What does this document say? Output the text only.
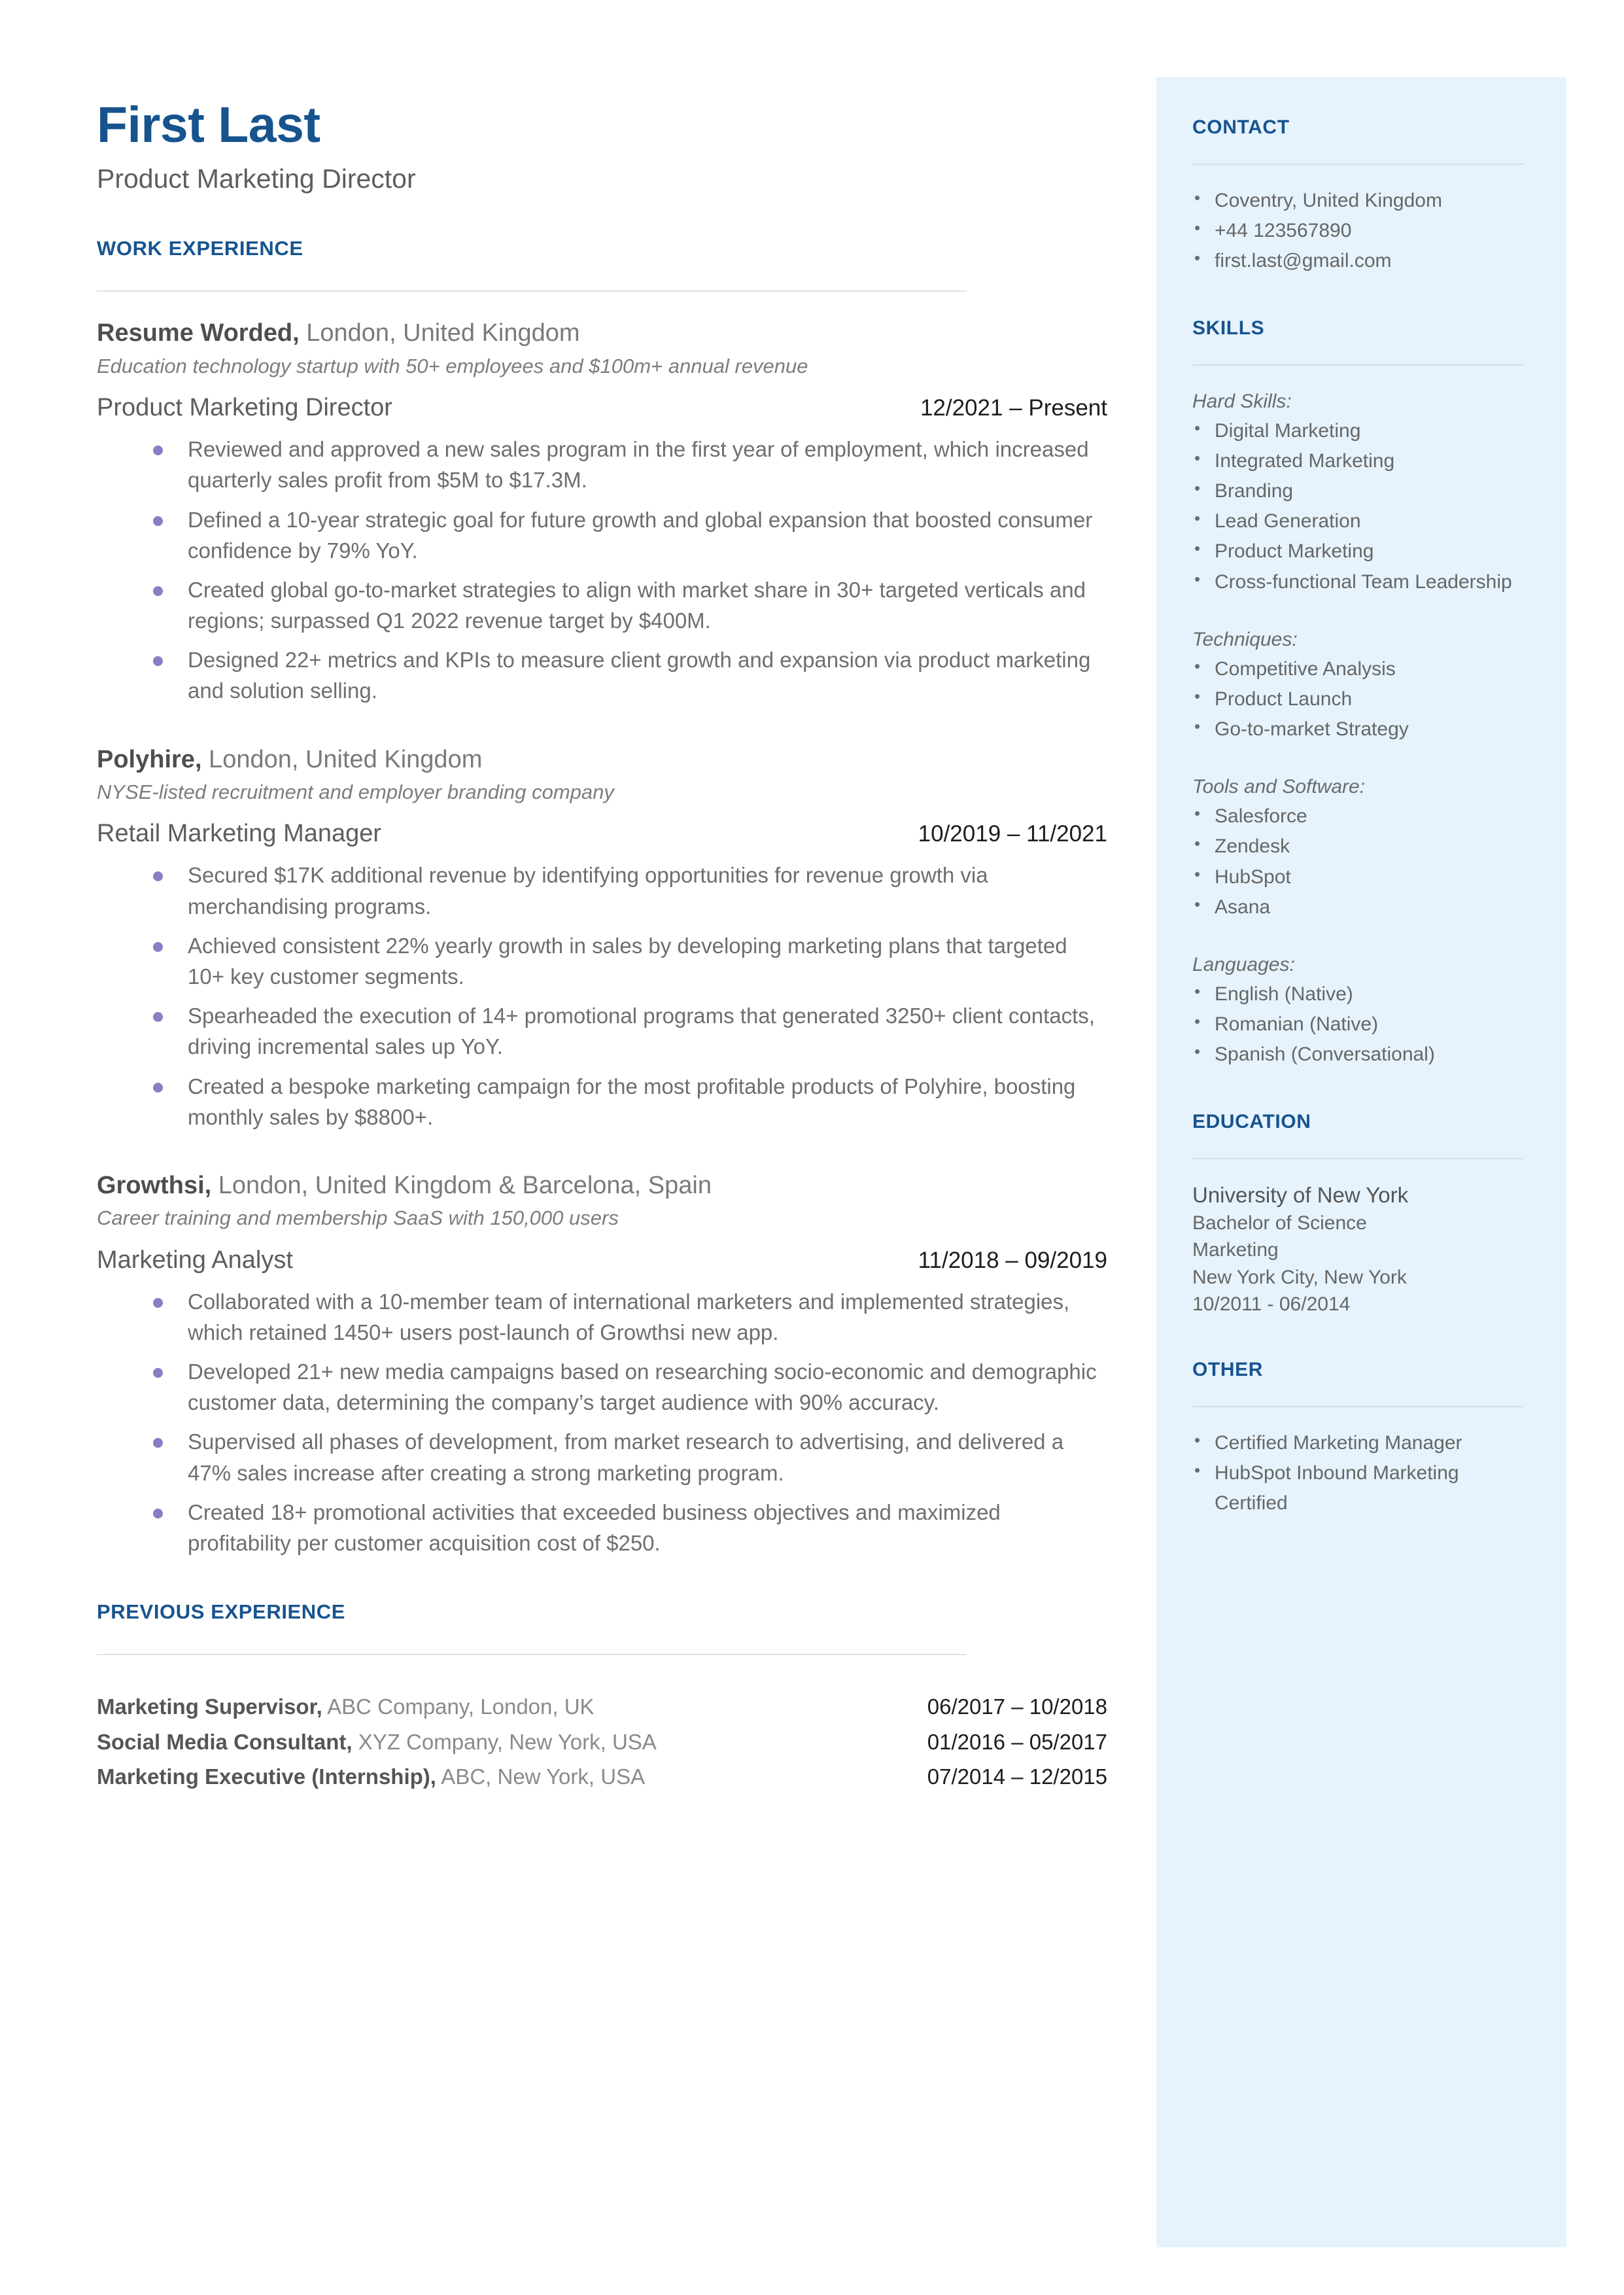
First Last
Product Marketing Director
WORK EXPERIENCE
Resume Worded, London, United Kingdom
Education technology startup with 50+ employees and $100m+ annual revenue
Product Marketing Director	12/2021 – Present
Reviewed and approved a new sales program in the first year of employment, which increased quarterly sales profit from $5M to $17.3M.
Defined a 10-year strategic goal for future growth and global expansion that boosted consumer confidence by 79% YoY.
Created global go-to-market strategies to align with market share in 30+ targeted verticals and regions; surpassed Q1 2022 revenue target by $400M.
Designed 22+ metrics and KPIs to measure client growth and expansion via product marketing and solution selling.
Polyhire, London, United Kingdom
NYSE-listed recruitment and employer branding company
Retail Marketing Manager	10/2019 – 11/2021
Secured $17K additional revenue by identifying opportunities for revenue growth via merchandising programs.
Achieved consistent 22% yearly growth in sales by developing marketing plans that targeted 10+ key customer segments.
Spearheaded the execution of 14+ promotional programs that generated 3250+ client contacts, driving incremental sales up YoY.
Created a bespoke marketing campaign for the most profitable products of Polyhire, boosting monthly sales by $8800+.
Growthsi, London, United Kingdom & Barcelona, Spain
Career training and membership SaaS with 150,000 users
Marketing Analyst	11/2018 – 09/2019
Collaborated with a 10-member team of international marketers and implemented strategies, which retained 1450+ users post-launch of Growthsi new app.
Developed 21+ new media campaigns based on researching socio-economic and demographic customer data, determining the company’s target audience with 90% accuracy.
Supervised all phases of development, from market research to advertising, and delivered a 47% sales increase after creating a strong marketing program.
Created 18+ promotional activities that exceeded business objectives and maximized profitability per customer acquisition cost of $250.
PREVIOUS EXPERIENCE
Marketing Supervisor, ABC Company, London, UK	06/2017 – 10/2018
Social Media Consultant, XYZ Company, New York, USA	01/2016 – 05/2017
Marketing Executive (Internship), ABC, New York, USA	07/2014 – 12/2015
CONTACT
• Coventry, United Kingdom
• +44 123567890
• first.last@gmail.com
SKILLS
Hard Skills:
• Digital Marketing
• Integrated Marketing
• Branding
• Lead Generation
• Product Marketing
• Cross-functional Team Leadership
Techniques:
• Competitive Analysis
• Product Launch
• Go-to-market Strategy
Tools and Software:
• Salesforce
• Zendesk
• HubSpot
• Asana
Languages:
• English (Native)
• Romanian (Native)
• Spanish (Conversational)
EDUCATION
University of New York
Bachelor of Science
Marketing
New York City, New York
10/2011 - 06/2014
OTHER
• Certified Marketing Manager
• HubSpot Inbound Marketing Certified
